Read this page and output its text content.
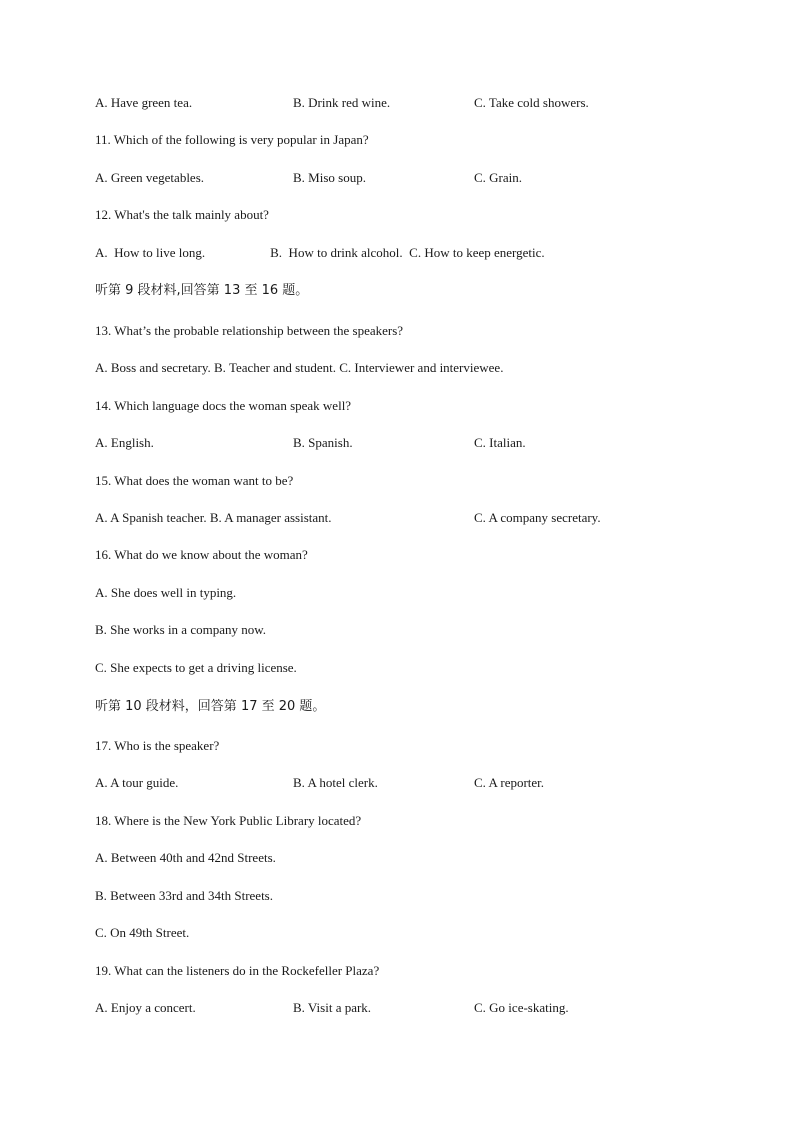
A. Have green tea.	B. Drink red wine.	C. Take cold showers.
11. Which of the following is very popular in Japan?
A. Green vegetables.	B. Miso soup.	C. Grain.
12. What's the talk mainly about?
A.  How to live long.                    B.  How to drink alcohol.  C. How to keep energetic.
听第 9 段材料,回答第 13 至 16 题。
13. What’s the probable relationship between the speakers?
A. Boss and secretary. B. Teacher and student. C. Interviewer and interviewee.
14. Which language docs the woman speak well?
A. English.	B. Spanish.	C. Italian.
15. What does the woman want to be?
A. A Spanish teacher. B. A manager assistant.	C. A company secretary.
16. What do we know about the woman?
A. She does well in typing.
B. She works in a company now.
C. She expects to get a driving license.
听第 10 段材料，回答第 17 至 20 题。
17. Who is the speaker?
A. A tour guide.	B. A hotel clerk.	C. A reporter.
18. Where is the New York Public Library located?
A. Between 40th and 42nd Streets.
B. Between 33rd and 34th Streets.
C. On 49th Street.
19. What can the listeners do in the Rockefeller Plaza?
A. Enjoy a concert.	B. Visit a park.	C. Go ice-skating.
